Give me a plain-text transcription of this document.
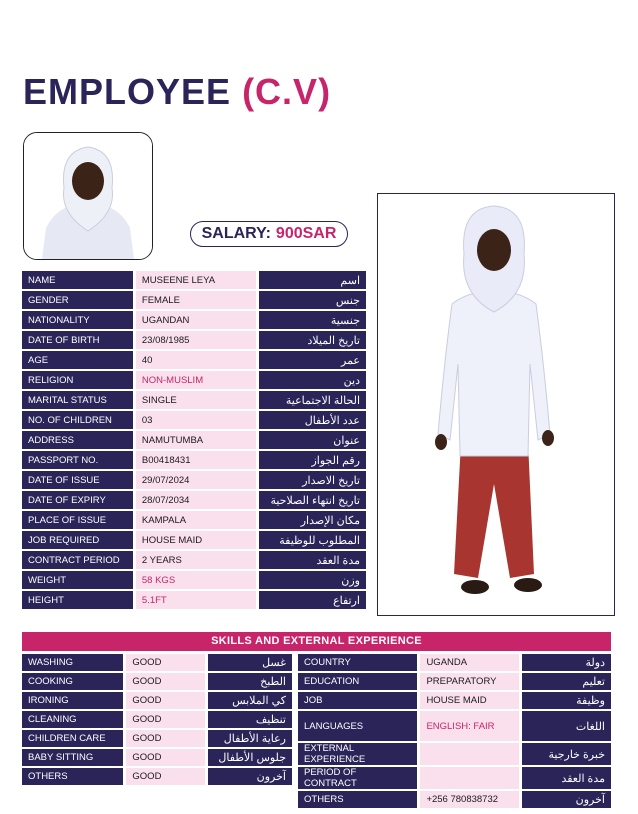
EMPLOYEE (C.V)
SALARY: 900SAR
NAME	MUSEENE LEYA	اسم
GENDER	FEMALE	جنس
NATIONALITY	UGANDAN	جنسية
DATE OF BIRTH	23/08/1985	تاريخ الميلاد
AGE	40	عمر
RELIGION	NON-MUSLIM	دين
MARITAL STATUS	SINGLE	الحالة الاجتماعية
NO. OF CHILDREN	03	عدد الأطفال
ADDRESS	NAMUTUMBA	عنوان
PASSPORT NO.	B00418431	رقم الجواز
DATE OF ISSUE	29/07/2024	تاريخ الاصدار
DATE OF EXPIRY	28/07/2034	تاريخ انتهاء الصلاحية
PLACE OF ISSUE	KAMPALA	مكان الإصدار
JOB REQUIRED	HOUSE MAID	المطلوب للوظيفة
CONTRACT PERIOD	2 YEARS	مدة العقد
WEIGHT	58 KGS	وزن
HEIGHT	5.1FT	ارتفاع
SKILLS AND EXTERNAL EXPERIENCE
WASHING	GOOD	غسل
COOKING	GOOD	الطبخ
IRONING	GOOD	كي الملابس
CLEANING	GOOD	تنظيف
CHILDREN CARE	GOOD	رعاية الأطفال
BABY SITTING	GOOD	جلوس الأطفال
OTHERS	GOOD	آخرون
COUNTRY	UGANDA	دولة
EDUCATION	PREPARATORY	تعليم
JOB	HOUSE MAID	وظيفة
LANGUAGES	ENGLISH: FAIR	اللغات
EXTERNAL EXPERIENCE		خبرة خارجية
PERIOD OF CONTRACT		مدة العقد
OTHERS	+256 780838732	آخرون
